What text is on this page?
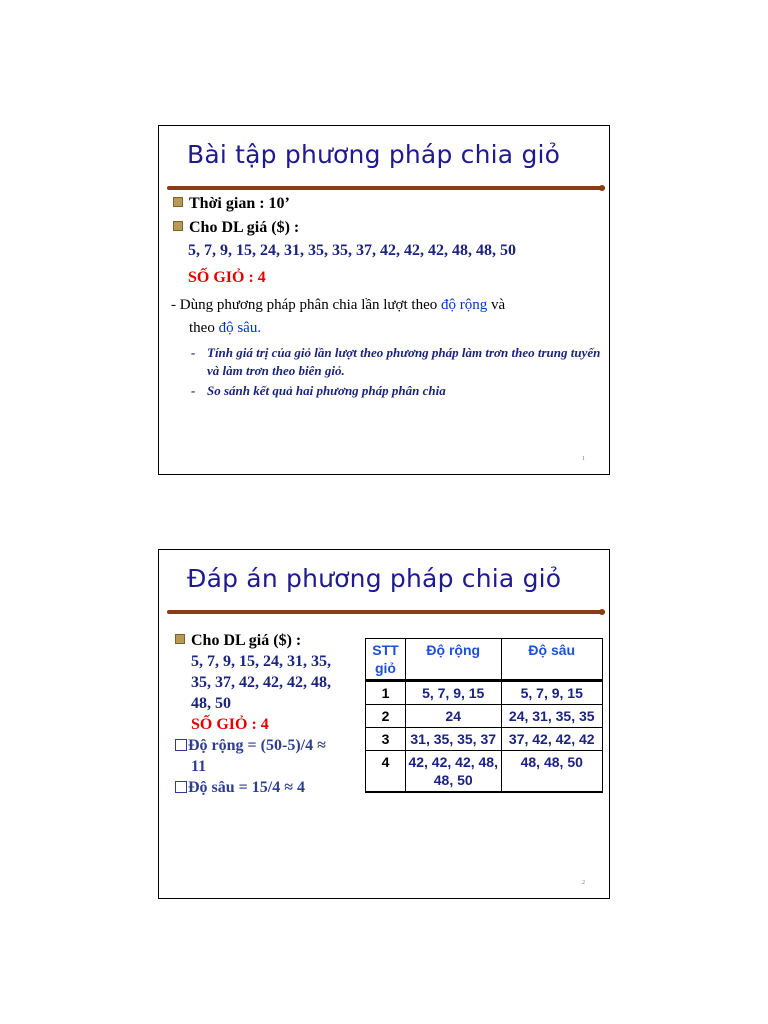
Bài tập phương pháp chia giỏ
Thời gian : 10’
Cho DL giá ($) :
5, 7, 9, 15, 24, 31, 35, 35, 37, 42, 42, 42, 48, 48, 50
SỐ GIỎ : 4
- Dùng phương pháp phân chia lần lượt theo độ rộng và
theo độ sâu.
- Tính giá trị của giỏ lần lượt theo phương pháp làm trơn theo trung tuyến và làm trơn theo biên giỏ.
- So sánh kết quả hai phương pháp phân chia
1
Đáp án phương pháp chia giỏ
Cho DL giá ($) :
5, 7, 9, 15, 24, 31, 35,
35, 37, 42, 42, 42, 48,
48, 50
SỐ GIỎ : 4
Độ rộng = (50-5)/4 ≈
11
Độ sâu = 15/4 ≈ 4
STT giỏ	Độ rộng	Độ sâu
1	5, 7, 9, 15	5, 7, 9, 15
2	24	24, 31, 35, 35
3	31, 35, 35, 37	37, 42, 42, 42
4	42, 42, 42, 48, 48, 50	48, 48, 50
2
